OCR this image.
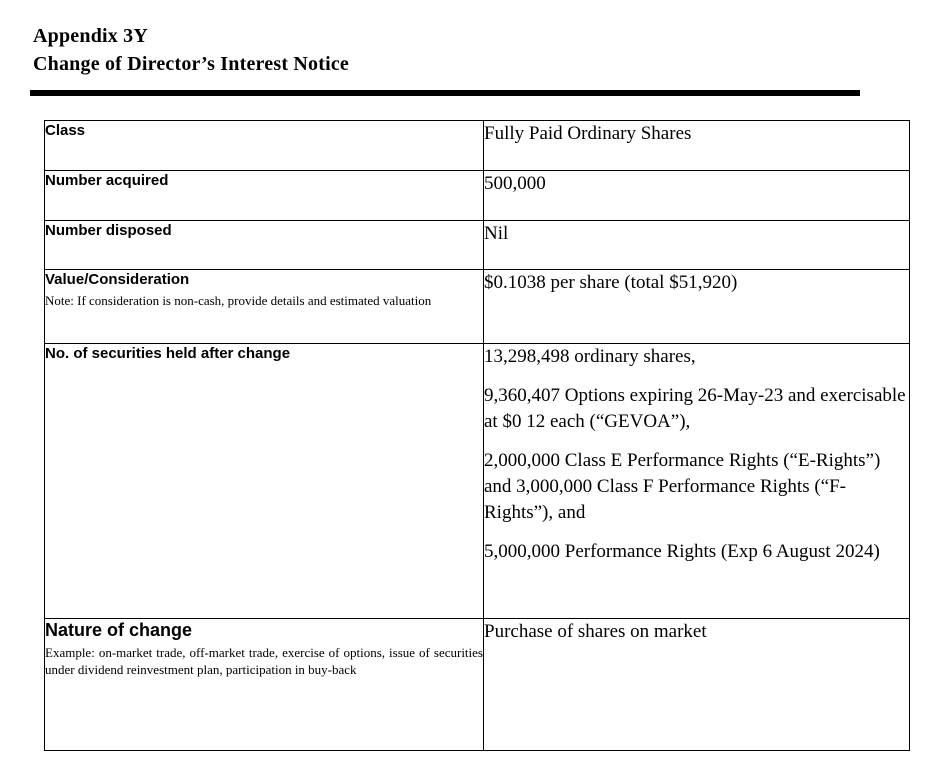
Appendix 3Y
Change of Director’s Interest Notice
Class	Fully Paid Ordinary Shares

Number acquired	500,000

Number disposed	Nil

Value/Consideration
Note: If consideration is non-cash, provide details and estimated valuation	$0.1038 per share (total $51,920)

No. of securities held after change	13,298,498 ordinary shares,

9,360,407 Options expiring 26-May-23 and exercisable at $0 12 each (“GEVOA”),

2,000,000 Class E Performance Rights (“E-Rights”) and 3,000,000 Class F Performance Rights (“F-Rights”), and

5,000,000 Performance Rights (Exp 6 August 2024)

Nature of change
Example: on-market trade, off-market trade, exercise of options, issue of securities under dividend reinvestment plan, participation in buy-back	Purchase of shares on market
